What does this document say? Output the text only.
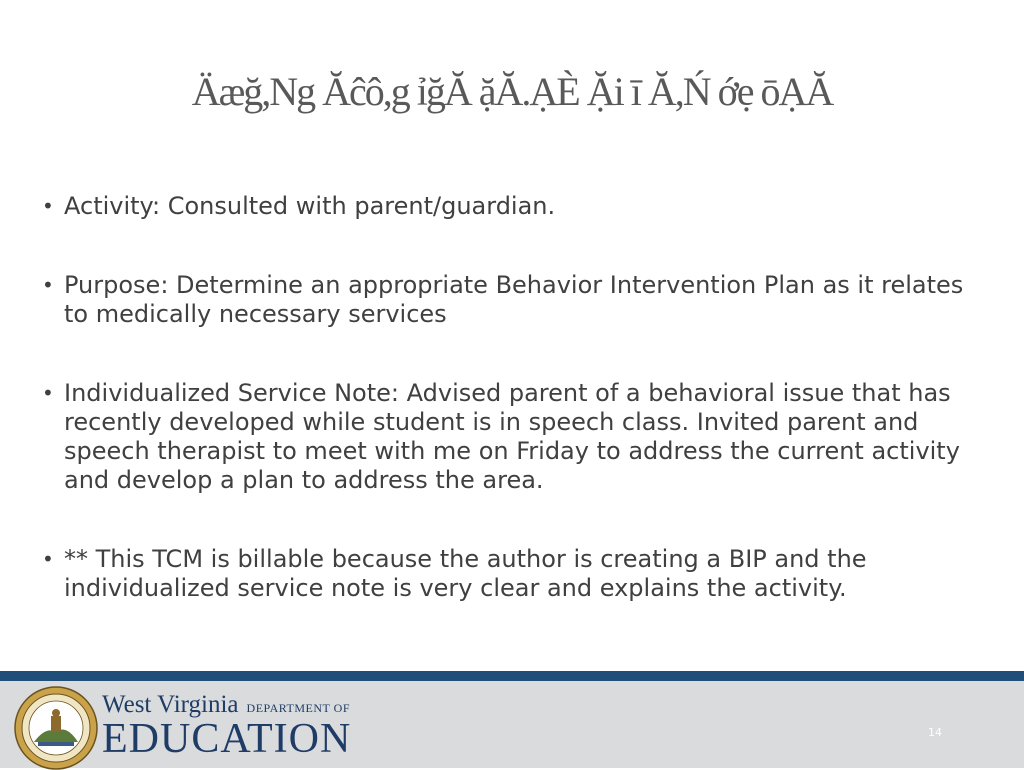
Äæğ,Ng Ăĉô,g ỉğĂ ặĂ.ẠÈ Ặi ī Ă,Ń ớẹ ōẠĂ
• Activity: Consulted with parent/guardian.
• Purpose: Determine an appropriate Behavior Intervention Plan as it relates to medically necessary services
• Individualized Service Note: Advised parent of a behavioral issue that has recently developed while student is in speech class. Invited parent and speech therapist to meet with me on Friday to address the current activity and develop a plan to address the area.
• ** This TCM is billable because the author is creating a BIP and the individualized service note is very clear and explains the activity.
West Virginia DEPARTMENT OF
EDUCATION	14
